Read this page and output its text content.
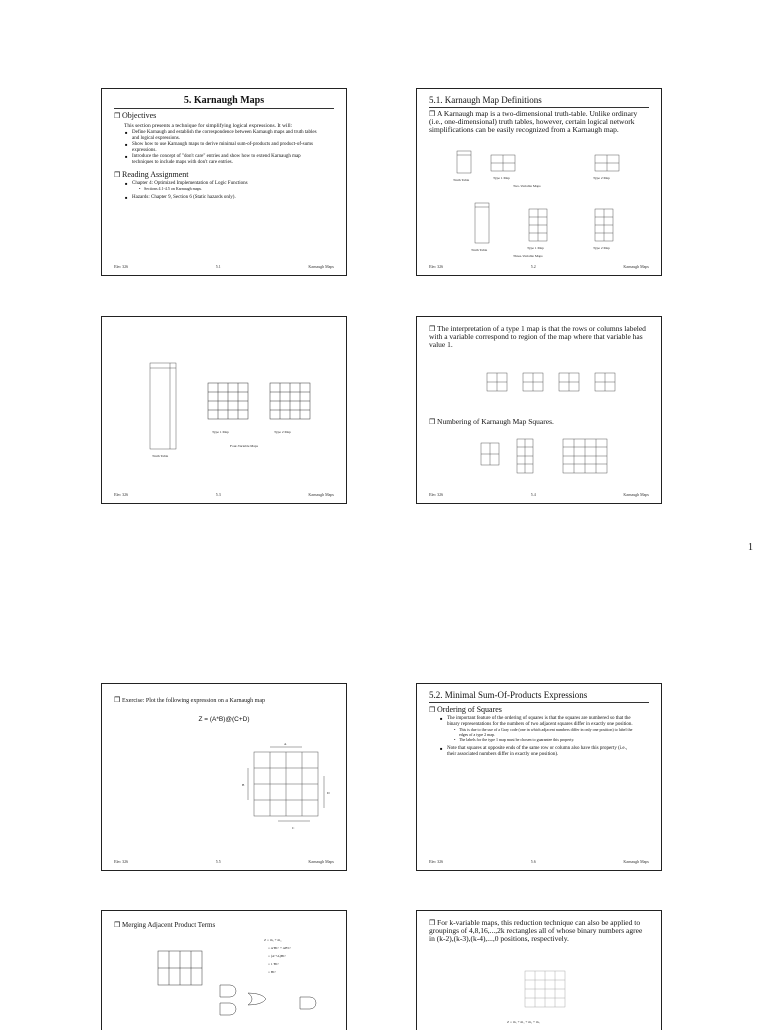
5. Karnaugh Maps
❒ Objectives
This section presents a technique for simplifying logical expressions. It will:
■ Define Karnaugh and establish the correspondence between Karnaugh maps and truth tables and logical expressions.
■ Show how to use Karnaugh maps to derive minimal sum-of-products and product-of-sums expressions.
■ Introduce the concept of "don't care" entries and show how to extend Karnaugh map techniques to include maps with don't care entries.
❒ Reading Assignment
■ Chapter 4: Optimized Implementation of Logic Functions
• Sections 4.1-4.5 on Karnaugh maps.
■ Hazards: Chapter 9, Section 6 (Static hazards only).
Elec 326	5.1	Karnaugh Maps
5.1. Karnaugh Map Definitions
❒ A Karnaugh map is a two-dimensional truth-table. Unlike ordinary (i.e., one-dimensional) truth tables, however, certain logical network simplifications can be easily recognized from a Karnaugh map.
Truth Table	Type 1 Map	Type 2 Map
Two-Variable Maps
Truth Table	Type 1 Map	Type 2 Map
Three-Variable Maps
Elec 326	5.2	Karnaugh Maps
Truth Table
Type 1 Map	Type 2 Map
Four-Variable Maps
Elec 326	5.3	Karnaugh Maps
❒ The interpretation of a type 1 map is that the rows or columns labeled with a variable correspond to region of the map where that variable has value 1.
❒ Numbering of Karnaugh Map Squares.
Elec 326	5.4	Karnaugh Maps
1
❒ Exercise: Plot the following expression on a Karnaugh map
Z = (A*B)@(C+D)
A
B
C
D
Elec 326	5.5	Karnaugh Maps
5.2. Minimal Sum-Of-Products Expressions
❒ Ordering of Squares
■ The important feature of the ordering of squares is that the squares are numbered so that the binary representations for the numbers of two adjacent squares differ in exactly one position.
• This is due to the use of a Gray code (one in which adjacent numbers differ in only one position) to label the edges of a type 2 map.
• The labels for the type 1 map must be chosen to guarantee this property.
■ Note that squares at opposite ends of the same row or column also have this property (i.e., their associated numbers differ in exactly one position).
Elec 326	5.6	Karnaugh Maps
❒ Merging Adjacent Product Terms
Z = m₂ + m₆
= A'BC' + AB'C'
= (A'+A)BC'
= 1·BC'
= BC'
❒ For k-variable maps, this reduction technique can also be applied to groupings of 4,8,16,...,2k rectangles all of whose binary numbers agree in (k-2),(k-3),(k-4),...,0 positions, respectively.
Z = m₁ + m₃ + m₅ + m₇
